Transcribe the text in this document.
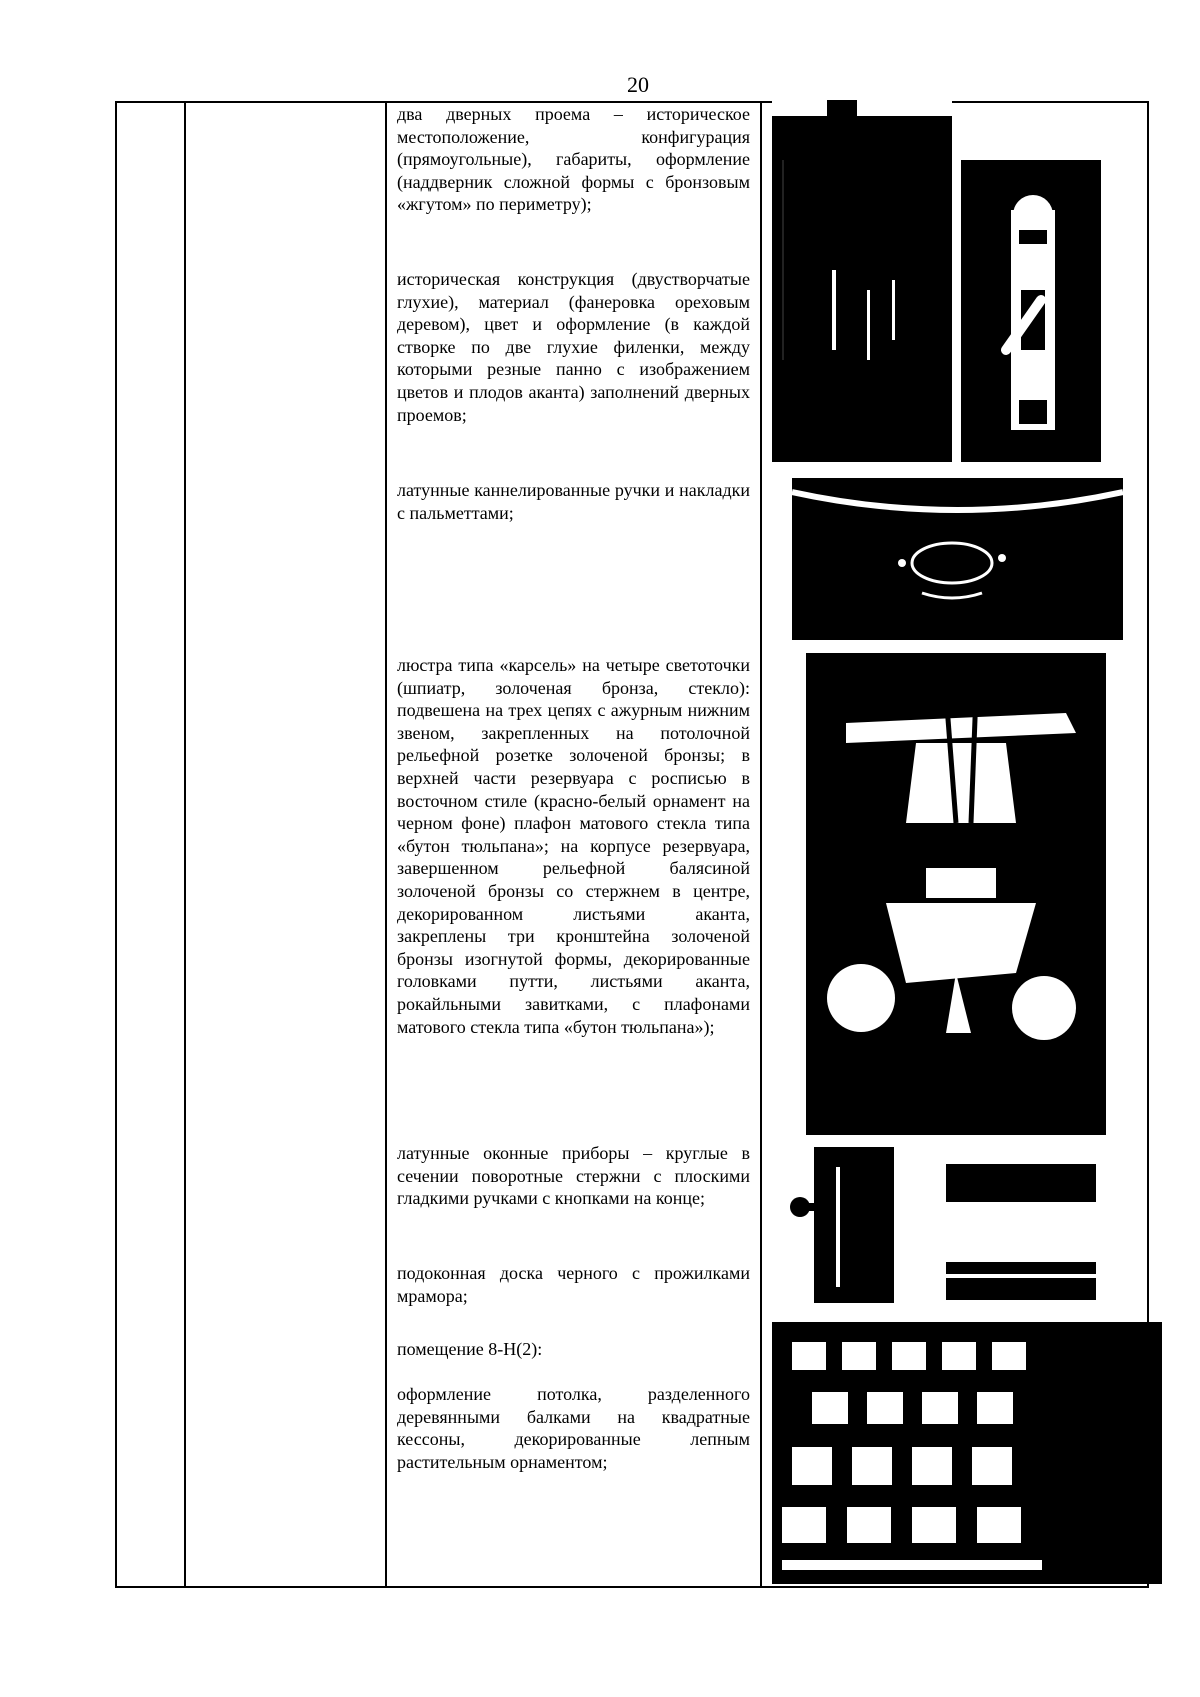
20

два дверных проема – историческое местоположение, конфигурация (прямоугольные), габариты, оформление (наддверник сложной формы с бронзовым «жгутом» по периметру);

историческая конструкция (двустворчатые глухие), материал (фанеровка ореховым деревом), цвет и оформление (в каждой створке по две глухие филенки, между которыми резные панно с изображением цветов и плодов аканта) заполнений дверных проемов;

латунные каннелированные ручки и накладки с пальметтами;

люстра типа «карсель» на четыре светоточки (шпиатр, золоченая бронза, стекло): подвешена на трех цепях с ажурным нижним звеном, закрепленных на потолочной рельефной розетке золоченой бронзы; в верхней части резервуара с росписью в восточном стиле (красно-белый орнамент на черном фоне) плафон матового стекла типа «бутон тюльпана»; на корпусе резервуара, завершенном рельефной балясиной золоченой бронзы со стержнем в центре, декорированном листьями аканта, закреплены три кронштейна золоченой бронзы изогнутой формы, декорированные головками путти, листьями аканта, рокайльными завитками, с плафонами матового стекла типа «бутон тюльпана»);

латунные оконные приборы – круглые в сечении поворотные стержни с плоскими гладкими ручками с кнопками на конце;

подоконная доска черного с прожилками мрамора;

помещение 8-Н(2):

оформление потолка, разделенного деревянными балками на квадратные кессоны, декорированные лепным растительным орнаментом;
